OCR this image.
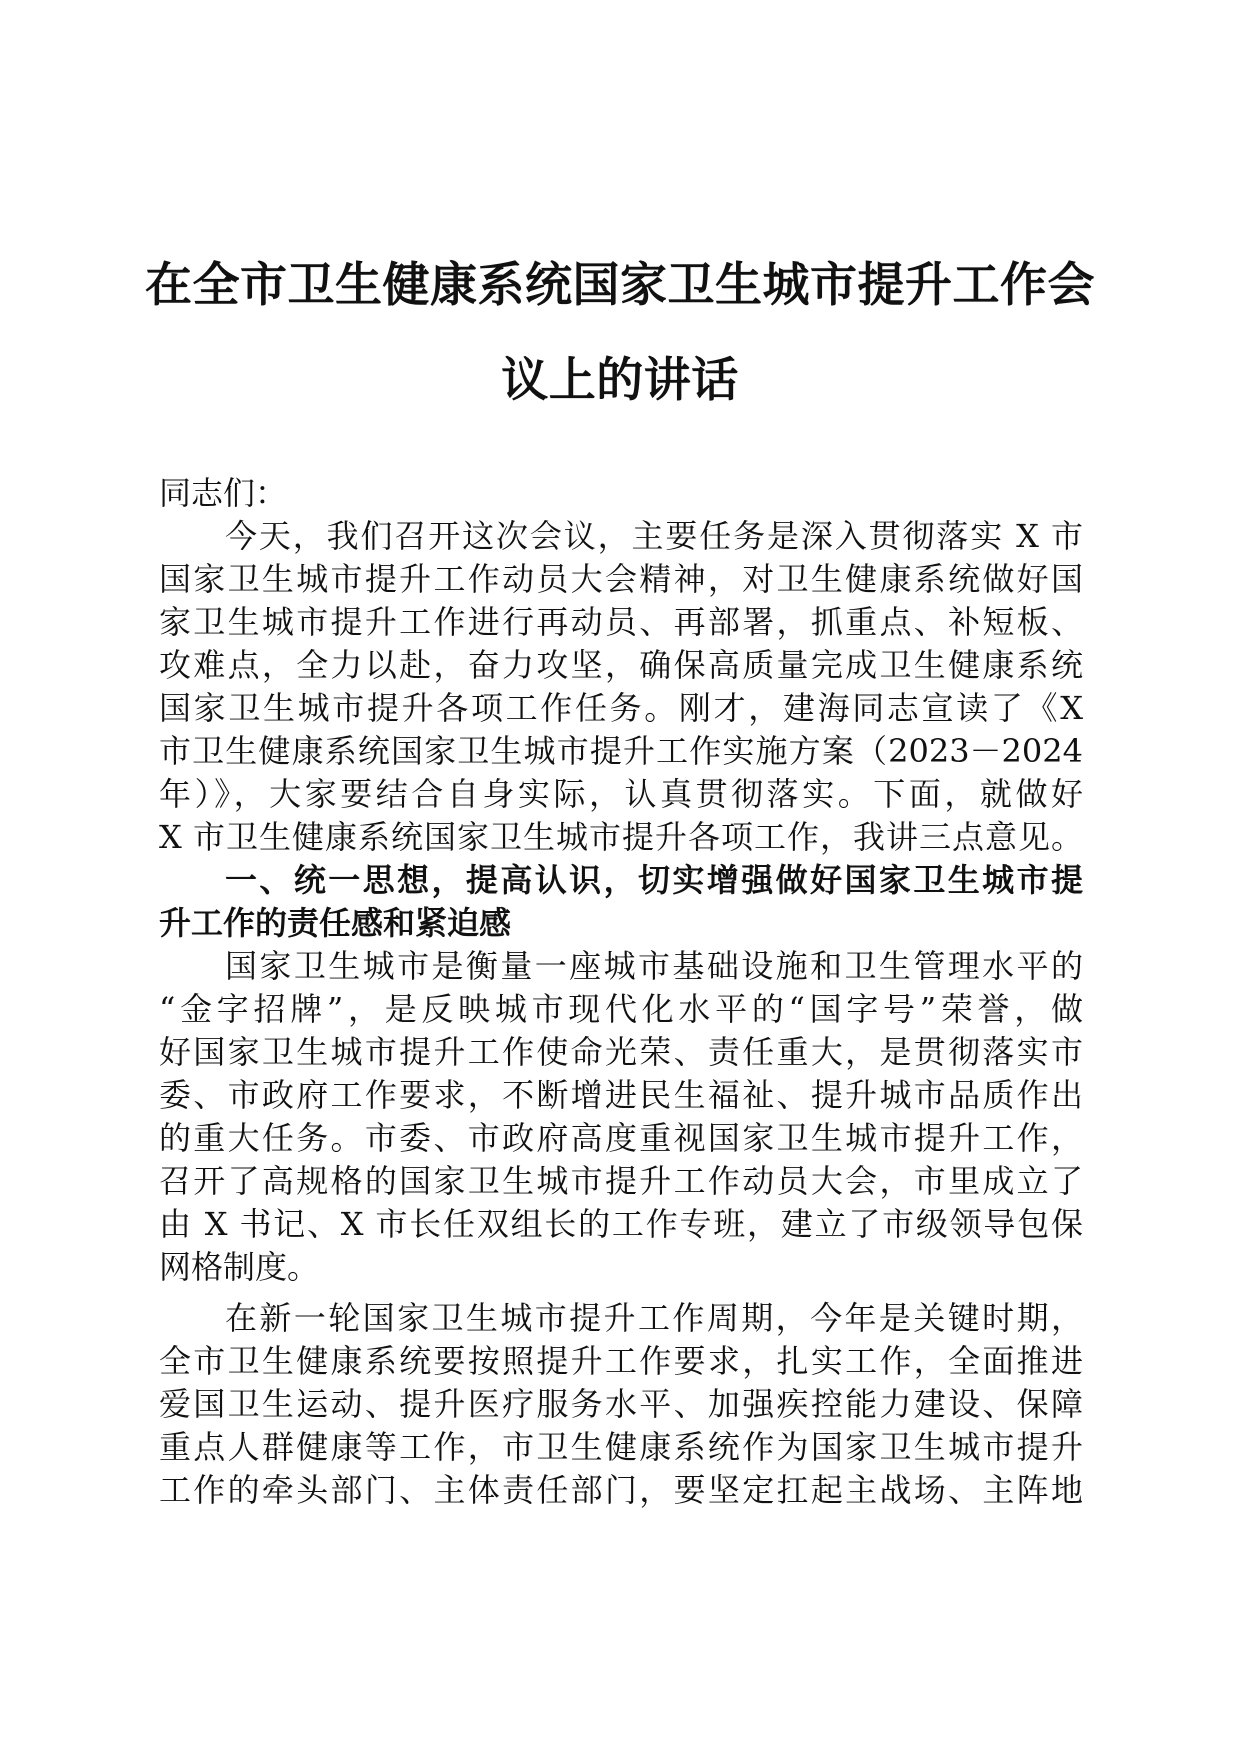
在全市卫生健康系统国家卫生城市提升工作会
议上的讲话
同志们：
今天，我们召开这次会议，主要任务是深入贯彻落实 X 市
国家卫生城市提升工作动员大会精神，对卫生健康系统做好国
家卫生城市提升工作进行再动员、再部署，抓重点、补短板、
攻难点，全力以赴，奋力攻坚，确保高质量完成卫生健康系统
国家卫生城市提升各项工作任务。刚才，建海同志宣读了《X
市卫生健康系统国家卫生城市提升工作实施方案（2023－2024
年）》，大家要结合自身实际，认真贯彻落实。下面，就做好
X 市卫生健康系统国家卫生城市提升各项工作，我讲三点意见。
一、统一思想，提高认识，切实增强做好国家卫生城市提
升工作的责任感和紧迫感
国家卫生城市是衡量一座城市基础设施和卫生管理水平的
“金字招牌”，是反映城市现代化水平的“国字号”荣誉，做
好国家卫生城市提升工作使命光荣、责任重大，是贯彻落实市
委、市政府工作要求，不断增进民生福祉、提升城市品质作出
的重大任务。市委、市政府高度重视国家卫生城市提升工作，
召开了高规格的国家卫生城市提升工作动员大会，市里成立了
由 X 书记、X 市长任双组长的工作专班，建立了市级领导包保
网格制度。
在新一轮国家卫生城市提升工作周期，今年是关键时期，
全市卫生健康系统要按照提升工作要求，扎实工作，全面推进
爱国卫生运动、提升医疗服务水平、加强疾控能力建设、保障
重点人群健康等工作，市卫生健康系统作为国家卫生城市提升
工作的牵头部门、主体责任部门，要坚定扛起主战场、主阵地
